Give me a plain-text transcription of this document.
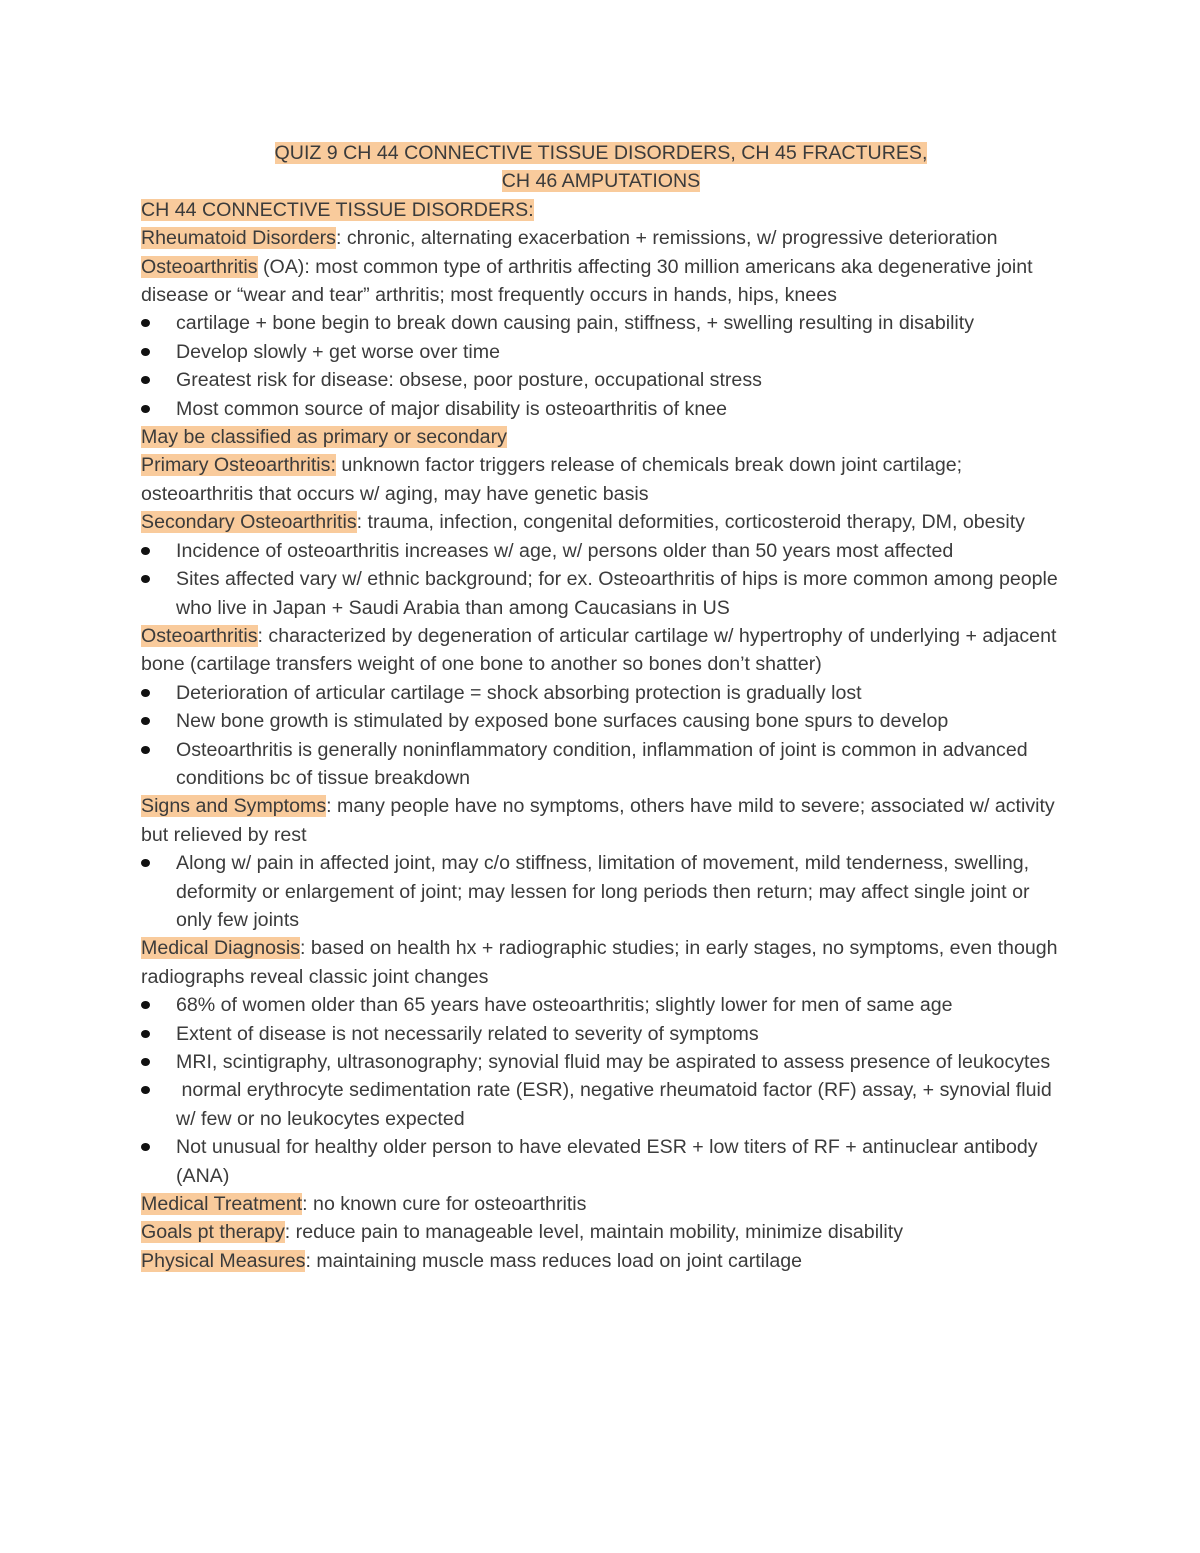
QUIZ 9 CH 44 CONNECTIVE TISSUE DISORDERS, CH 45 FRACTURES,

CH 46 AMPUTATIONS

CH 44 CONNECTIVE TISSUE DISORDERS:

Rheumatoid Disorders: chronic, alternating exacerbation + remissions, w/ progressive deterioration

Osteoarthritis (OA): most common type of arthritis affecting 30 million americans aka degenerative joint disease or “wear and tear” arthritis; most frequently occurs in hands, hips, knees

cartilage + bone begin to break down causing pain, stiffness, + swelling resulting in disability
Develop slowly + get worse over time
Greatest risk for disease: obsese, poor posture, occupational stress
Most common source of major disability is osteoarthritis of knee

May be classified as primary or secondary

Primary Osteoarthritis: unknown factor triggers release of chemicals break down joint cartilage; osteoarthritis that occurs w/ aging, may have genetic basis

Secondary Osteoarthritis: trauma, infection, congenital deformities, corticosteroid therapy, DM, obesity

Incidence of osteoarthritis increases w/ age, w/ persons older than 50 years most affected
Sites affected vary w/ ethnic background; for ex. Osteoarthritis of hips is more common among people who live in Japan + Saudi Arabia than among Caucasians in US

Osteoarthritis: characterized by degeneration of articular cartilage w/ hypertrophy of underlying + adjacent bone (cartilage transfers weight of one bone to another so bones don’t shatter)

Deterioration of articular cartilage = shock absorbing protection is gradually lost
New bone growth is stimulated by exposed bone surfaces causing bone spurs to develop
Osteoarthritis is generally noninflammatory condition, inflammation of joint is common in advanced conditions bc of tissue breakdown

Signs and Symptoms: many people have no symptoms, others have mild to severe; associated w/ activity but relieved by rest

Along w/ pain in affected joint, may c/o stiffness, limitation of movement, mild tenderness, swelling, deformity or enlargement of joint; may lessen for long periods then return; may affect single joint or only few joints

Medical Diagnosis: based on health hx + radiographic studies; in early stages, no symptoms, even though radiographs reveal classic joint changes

68% of women older than 65 years have osteoarthritis; slightly lower for men of same age
Extent of disease is not necessarily related to severity of symptoms
MRI, scintigraphy, ultrasonography; synovial fluid may be aspirated to assess presence of leukocytes
normal erythrocyte sedimentation rate (ESR), negative rheumatoid factor (RF) assay, + synovial fluid w/ few or no leukocytes expected
Not unusual for healthy older person to have elevated ESR + low titers of RF + antinuclear antibody (ANA)

Medical Treatment: no known cure for osteoarthritis

Goals pt therapy: reduce pain to manageable level, maintain mobility, minimize disability

Physical Measures: maintaining muscle mass reduces load on joint cartilage
